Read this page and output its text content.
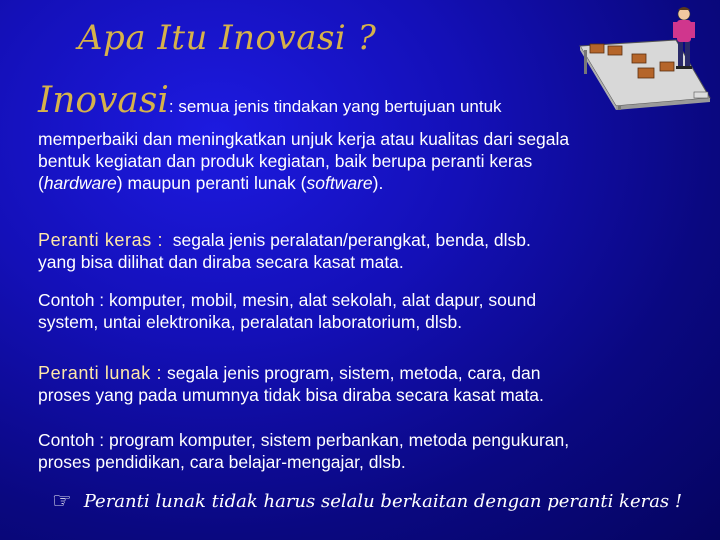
Apa Itu Inovasi ?
Inovasi: semua jenis tindakan yang bertujuan untuk
memperbaiki dan meningkatkan unjuk kerja atau kualitas dari segala
bentuk kegiatan dan produk kegiatan, baik berupa peranti keras
(hardware) maupun peranti lunak (software).
Peranti keras : segala jenis peralatan/perangkat, benda, dlsb.
yang bisa dilihat dan diraba secara kasat mata.
Contoh : komputer, mobil, mesin, alat sekolah, alat dapur, sound
system, untai elektronika, peralatan laboratorium, dlsb.
Peranti lunak : segala jenis program, sistem, metoda, cara, dan
proses yang pada umumnya tidak bisa diraba secara kasat mata.
Contoh : program komputer, sistem perbankan, metoda pengukuran,
proses pendidikan, cara belajar-mengajar, dlsb.
☞ Peranti lunak tidak harus selalu berkaitan dengan peranti keras !
